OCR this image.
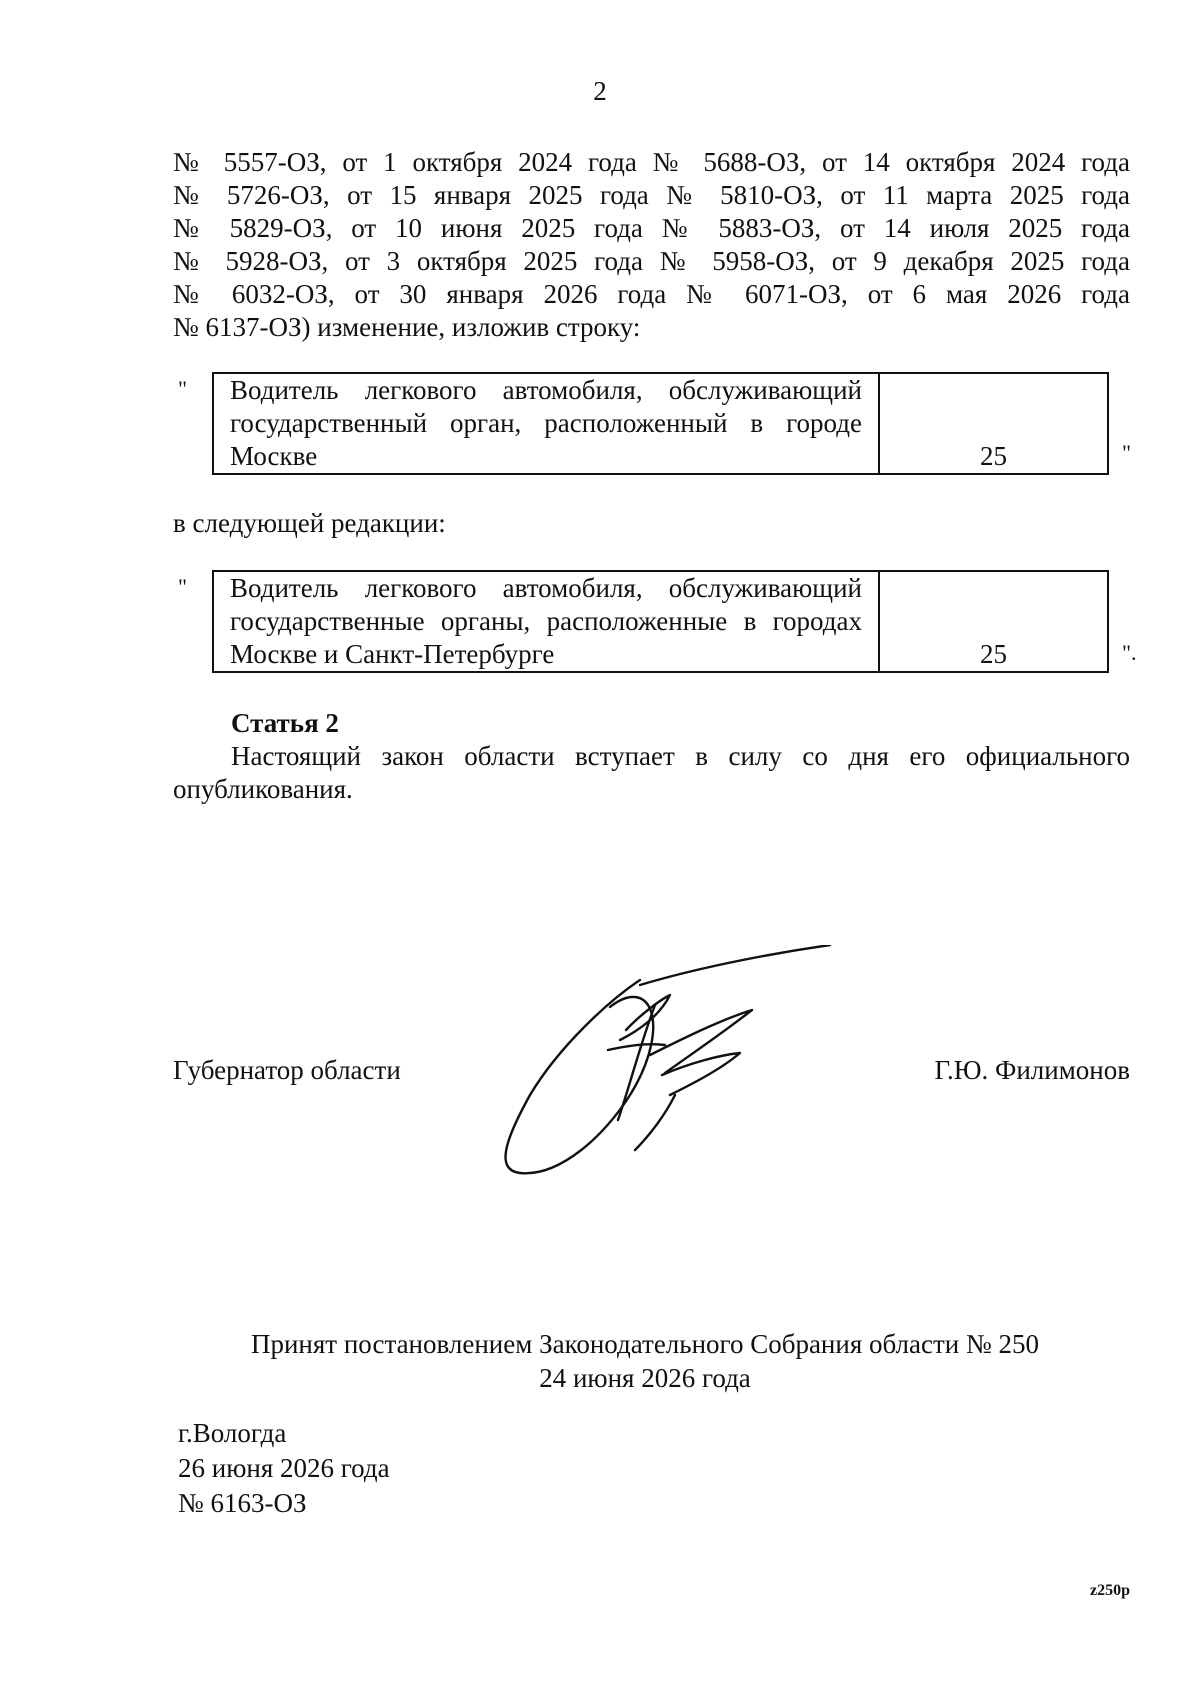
2
№ 5557-ОЗ, от 1 октября 2024 года № 5688-ОЗ, от 14 октября 2024 года
№ 5726-ОЗ, от 15 января 2025 года № 5810-ОЗ, от 11 марта 2025 года
№ 5829-ОЗ, от 10 июня 2025 года № 5883-ОЗ, от 14 июля 2025 года
№ 5928-ОЗ, от 3 октября 2025 года № 5958-ОЗ, от 9 декабря 2025 года
№ 6032-ОЗ, от 30 января 2026 года № 6071-ОЗ, от 6 мая 2026 года
№ 6137-ОЗ) изменение, изложив строку:
" Водитель легкового автомобиля, обслуживающий
государственный орган, расположенный в городе
Москве	25	"
в следующей редакции:
" Водитель легкового автомобиля, обслуживающий
государственные органы, расположенные в городах
Москве и Санкт-Петербурге	25	".
Статья 2
Настоящий закон области вступает в силу со дня его официального
опубликования.
Губернатор области	Г.Ю. Филимонов
Принят постановлением Законодательного Собрания области № 250
24 июня 2026 года
г.Вологда
26 июня 2026 года
№ 6163-ОЗ
z250p
